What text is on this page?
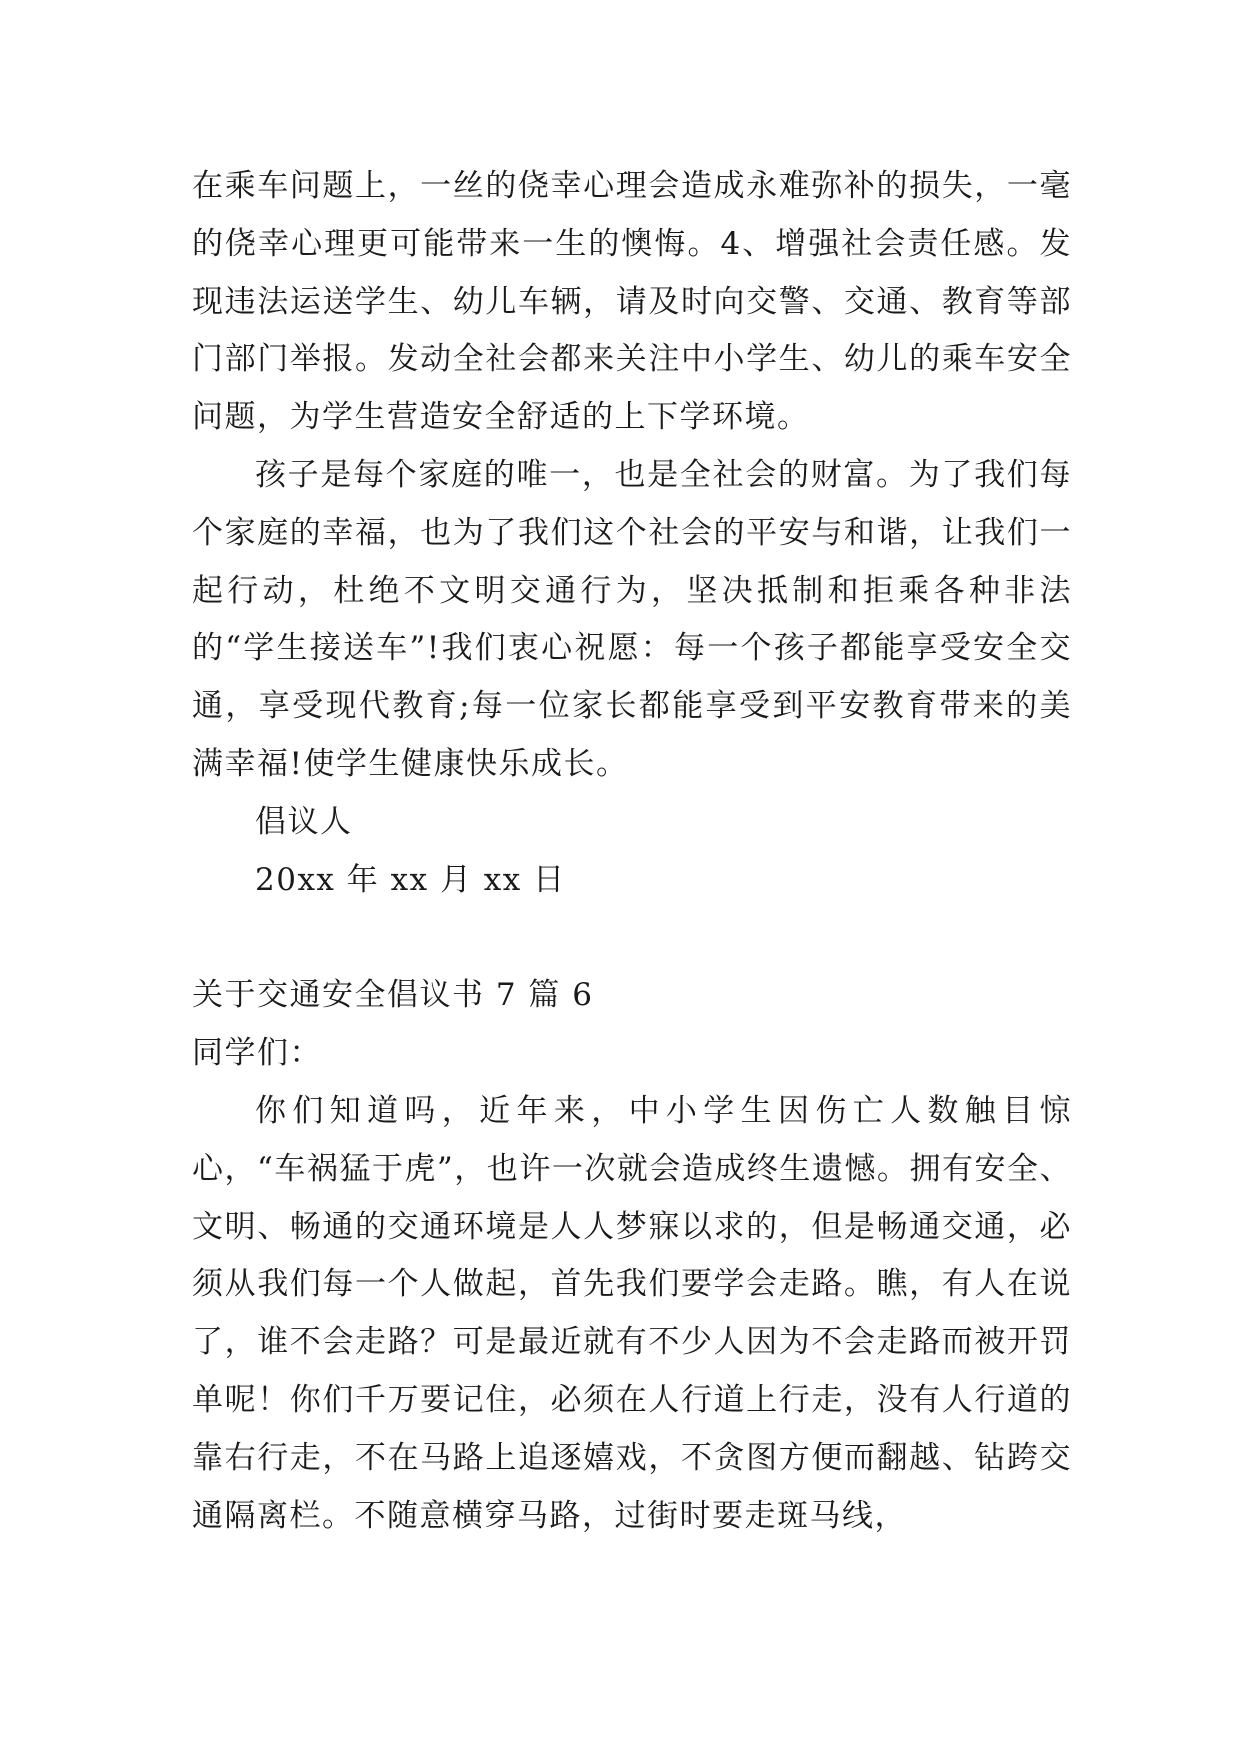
在乘车问题上，一丝的侥幸心理会造成永难弥补的损失，一毫的侥幸心理更可能带来一生的懊悔。4、增强社会责任感。发现违法运送学生、幼儿车辆，请及时向交警、交通、教育等部门部门举报。发动全社会都来关注中小学生、幼儿的乘车安全问题，为学生营造安全舒适的上下学环境。

孩子是每个家庭的唯一，也是全社会的财富。为了我们每个家庭的幸福，也为了我们这个社会的平安与和谐，让我们一起行动，杜绝不文明交通行为，坚决抵制和拒乘各种非法的“学生接送车”!我们衷心祝愿：每一个孩子都能享受安全交通，享受现代教育;每一位家长都能享受到平安教育带来的美满幸福!使学生健康快乐成长。

倡议人

20xx 年 xx 月 xx 日

关于交通安全倡议书 7 篇 6

同学们：

你们知道吗，近年来，中小学生因伤亡人数触目惊心，“车祸猛于虎”，也许一次就会造成终生遗憾。拥有安全、文明、畅通的交通环境是人人梦寐以求的，但是畅通交通，必须从我们每一个人做起，首先我们要学会走路。瞧，有人在说了，谁不会走路？可是最近就有不少人因为不会走路而被开罚单呢！你们千万要记住，必须在人行道上行走，没有人行道的靠右行走，不在马路上追逐嬉戏，不贪图方便而翻越、钻跨交通隔离栏。不随意横穿马路，过街时要走斑马线，
